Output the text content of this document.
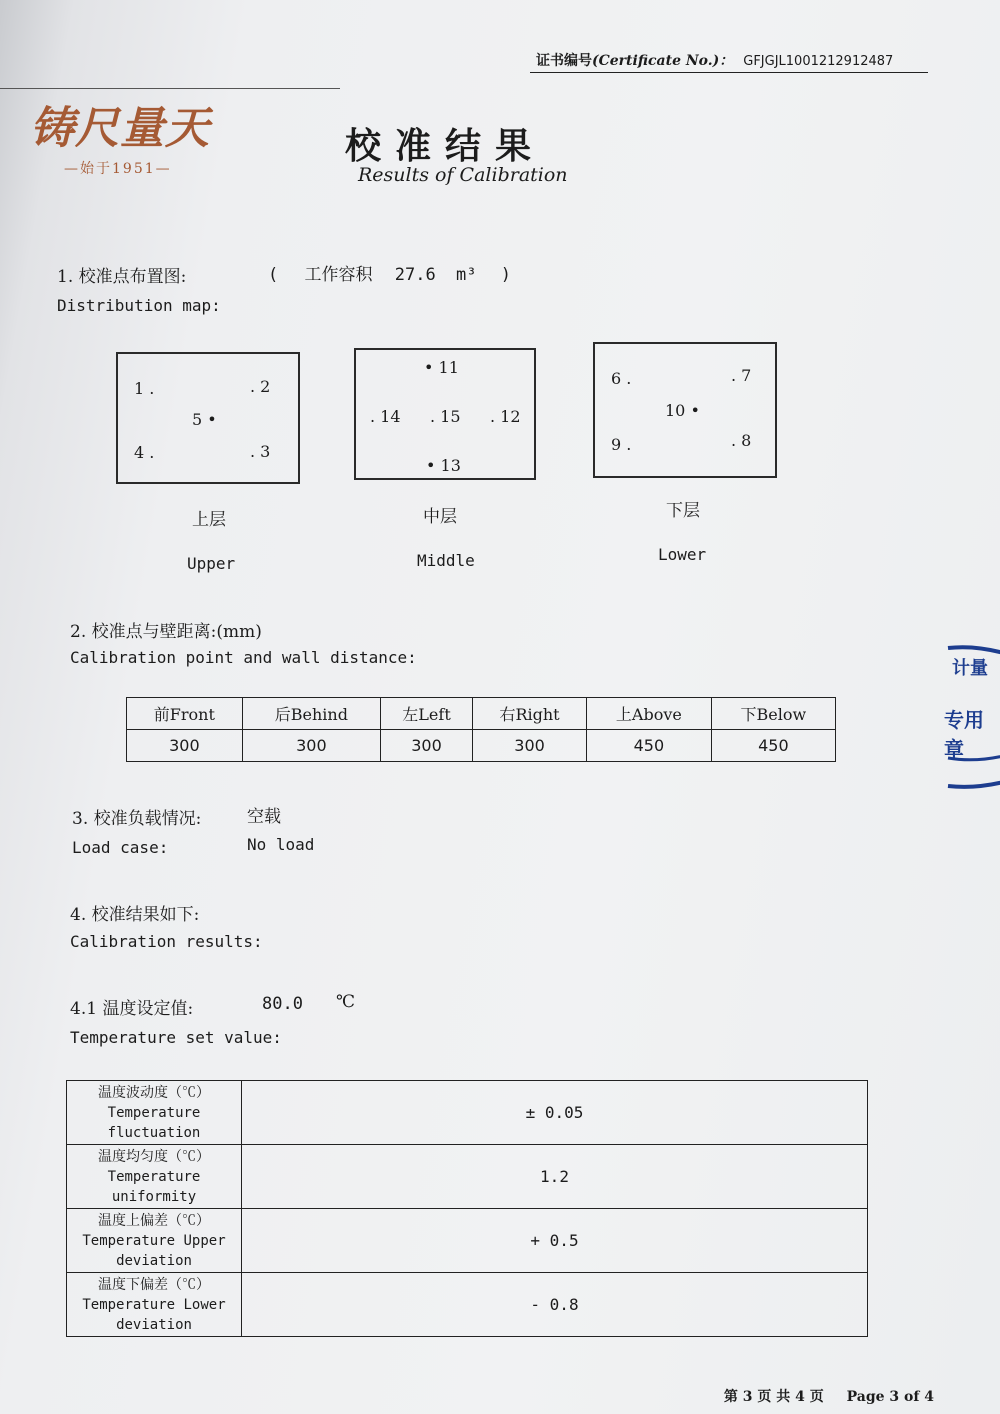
证书编号(Certificate No.)： GFJGJL1001212912487
铸尺量天
—始于1951—
校准结果
Results of Calibration
1. 校准点布置图:	( 工作容积 27.6 m³ )
Distribution map:
1 .	. 2
5 •
4 .	. 3
上层
Upper
• 11
. 14 . 15 . 12
• 13
中层
Middle
6 .	. 7
10 •
9 .	. 8
下层
Lower
2. 校准点与壁距离:(mm)
Calibration point and wall distance:
前Front	后Behind	左Left	右Right	上Above	下Below
300	300	300	300	450	450
3. 校准负载情况:	空载
Load case:	No load
4. 校准结果如下:
Calibration results:
4.1 温度设定值:	80.0 ℃
Temperature set value:
温度波动度（℃）
Temperature
fluctuation	± 0.05

温度均匀度（℃）
Temperature
uniformity	1.2

温度上偏差（℃）
Temperature Upper
deviation	+ 0.5

温度下偏差（℃）
Temperature Lower
deviation	- 0.8
计量
专用章
第 3 页 共 4 页 Page 3 of 4
